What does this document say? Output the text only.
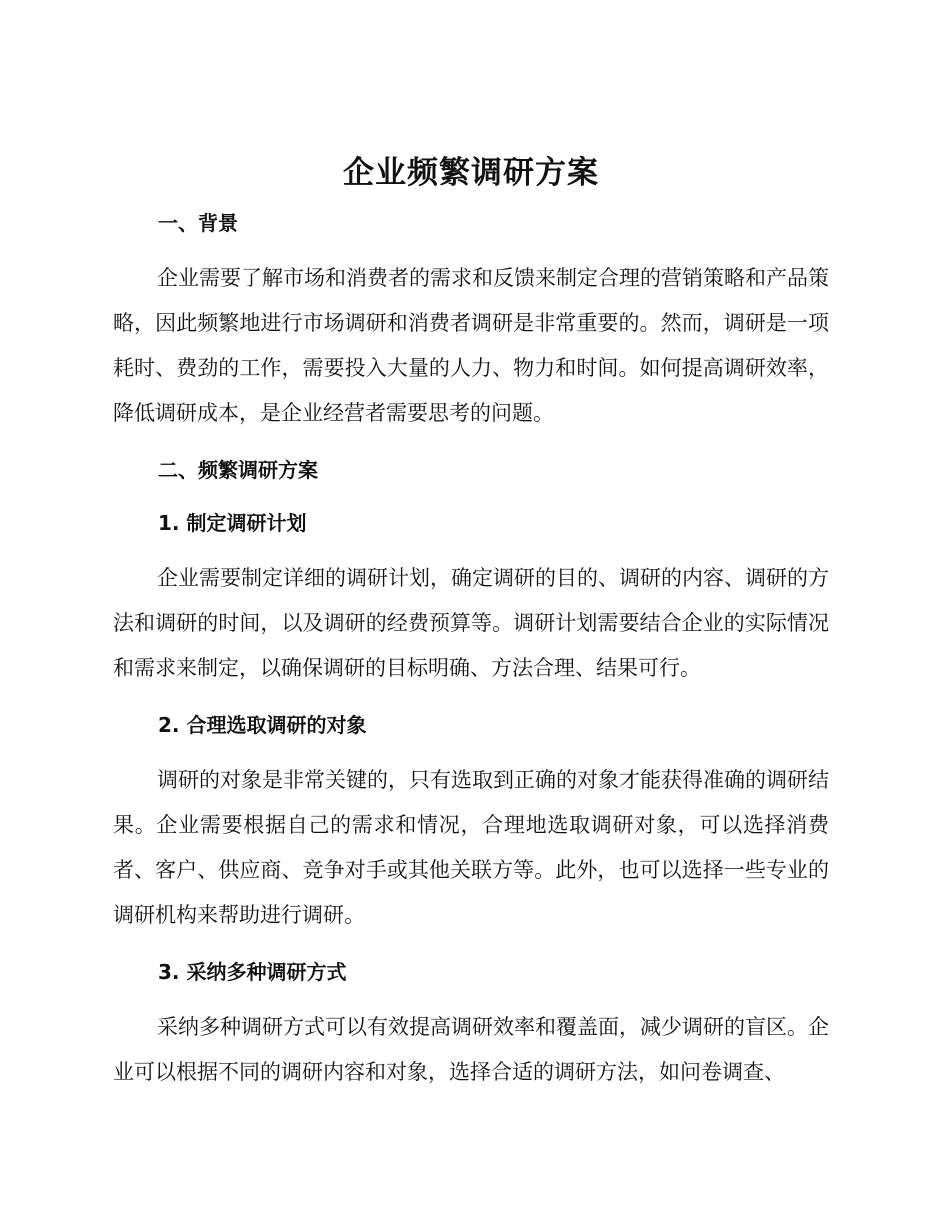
企业频繁调研方案
一、背景

企业需要了解市场和消费者的需求和反馈来制定合理的营销策略和产品策略，因此频繁地进行市场调研和消费者调研是非常重要的。然而，调研是一项耗时、费劲的工作，需要投入大量的人力、物力和时间。如何提高调研效率，降低调研成本，是企业经营者需要思考的问题。

二、频繁调研方案
1. 制定调研计划

企业需要制定详细的调研计划，确定调研的目的、调研的内容、调研的方法和调研的时间，以及调研的经费预算等。调研计划需要结合企业的实际情况和需求来制定，以确保调研的目标明确、方法合理、结果可行。

2. 合理选取调研的对象

调研的对象是非常关键的，只有选取到正确的对象才能获得准确的调研结果。企业需要根据自己的需求和情况，合理地选取调研对象，可以选择消费者、客户、供应商、竞争对手或其他关联方等。此外，也可以选择一些专业的调研机构来帮助进行调研。

3. 采纳多种调研方式

采纳多种调研方式可以有效提高调研效率和覆盖面，减少调研的盲区。企业可以根据不同的调研内容和对象，选择合适的调研方法，如问卷调查、
